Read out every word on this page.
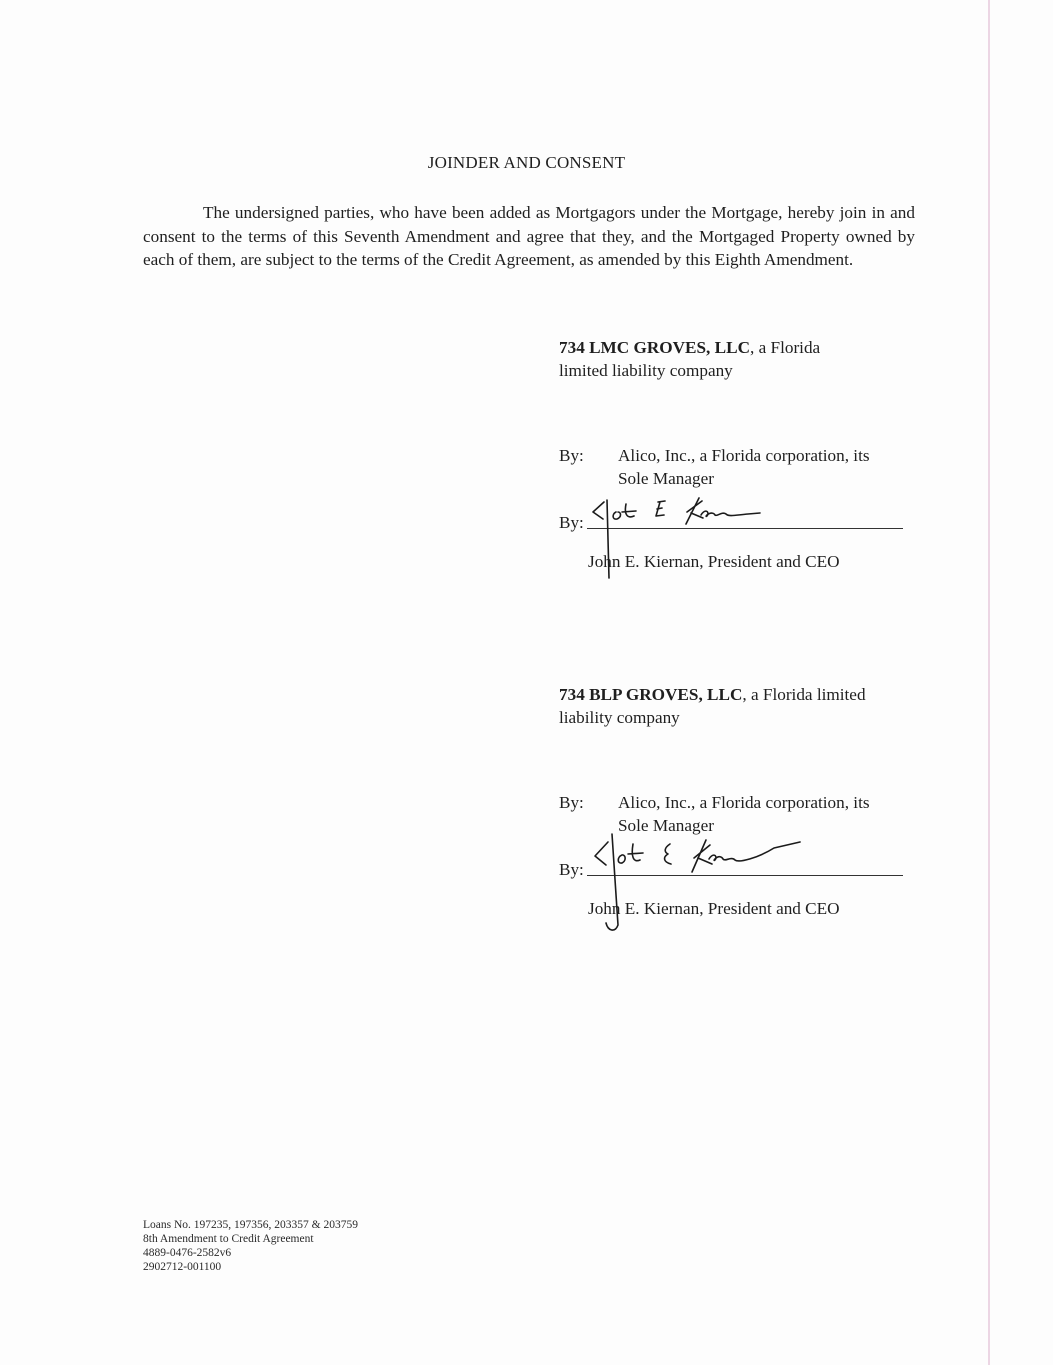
JOINDER AND CONSENT
The undersigned parties, who have been added as Mortgagors under the Mortgage, hereby join in and consent to the terms of this Seventh Amendment and agree that they, and the Mortgaged Property owned by each of them, are subject to the terms of the Credit Agreement, as amended by this Eighth Amendment.
734 LMC GROVES, LLC, a Florida
limited liability company
By: Alico, Inc., a Florida corporation, its
Sole Manager
By:
John E. Kiernan, President and CEO
734 BLP GROVES, LLC, a Florida limited
liability company
By: Alico, Inc., a Florida corporation, its
Sole Manager
By:
John E. Kiernan, President and CEO
Loans No. 197235, 197356, 203357 & 203759
8th Amendment to Credit Agreement
4889-0476-2582v6
2902712-001100
